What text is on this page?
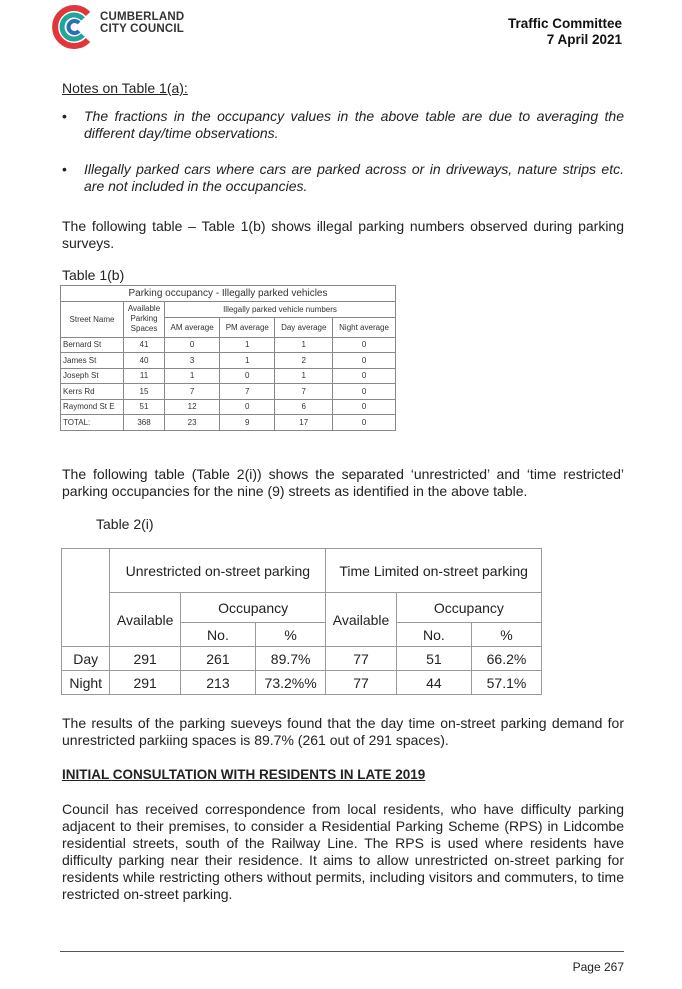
CUMBERLAND
CITY COUNCIL	Traffic Committee
7 April 2021
Notes on Table 1(a):
• The fractions in the occupancy values in the above table are due to averaging the different day/time observations.
• Illegally parked cars where cars are parked across or in driveways, nature strips etc. are not included in the occupancies.
The following table – Table 1(b) shows illegal parking numbers observed during parking surveys.
Table 1(b)
Parking occupancy - Illegally parked vehicles					
Street Name	Available Parking Spaces	Illegally parked vehicle numbers			
		AM average	PM average	Day average	Night average
Bernard St	41	0	1	1	0
James St	40	3	1	2	0
Joseph St	11	1	0	1	0
Kerrs Rd	15	7	7	7	0
Raymond St E	51	12	0	6	0
TOTAL:	368	23	9	17	0
The following table (Table 2(i)) shows the separated ‘unrestricted’ and ‘time restricted’ parking occupancies for the nine (9) streets as identified in the above table.
Table 2(i)
	Unrestricted on-street parking			Time Limited on-street parking		
	Available	Occupancy		Available	Occupancy	
		No.	%		No.	%
Day	291	261	89.7%	77	51	66.2%
Night	291	213	73.2%%	77	44	57.1%
The results of the parking sueveys found that the day time on-street parking demand for unrestricted parkiing spaces is 89.7% (261 out of 291 spaces).
INITIAL CONSULTATION WITH RESIDENTS IN LATE 2019
Council has received correspondence from local residents, who have difficulty parking adjacent to their premises, to consider a Residential Parking Scheme (RPS) in Lidcombe residential streets, south of the Railway Line. The RPS is used where residents have difficulty parking near their residence. It aims to allow unrestricted on-street parking for residents while restricting others without permits, including visitors and commuters, to time restricted on-street parking.
Page 267
